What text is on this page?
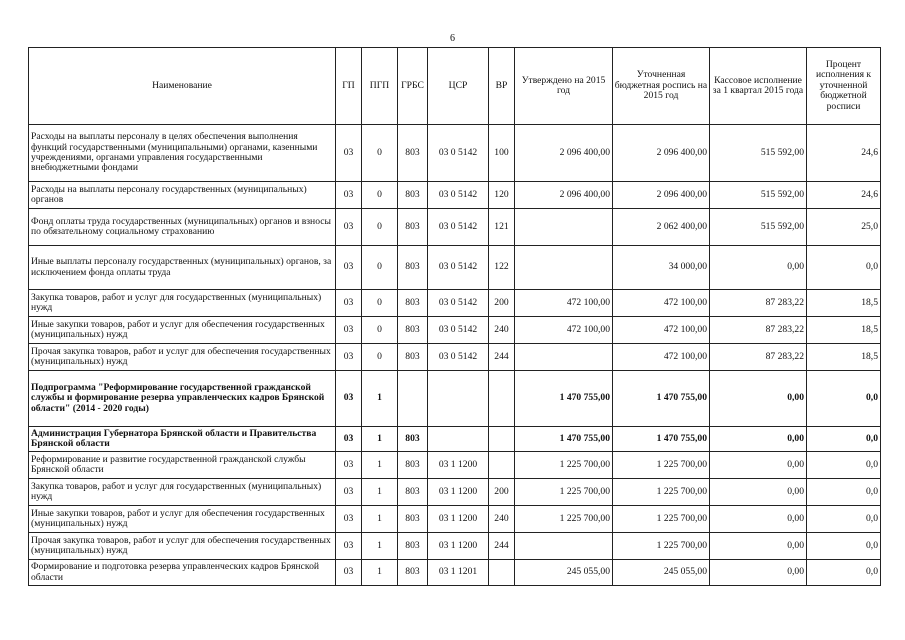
6
Наименование	ГП	ПГП	ГРБС	ЦСР	ВР	Утверждено на 2015 год	Уточненная бюджетная роспись на 2015 год	Кассовое исполнение за 1 квартал 2015 года	Процент исполнения к уточненной бюджетной росписи
Расходы на выплаты персоналу в целях обеспечения выполнения функций государственными (муниципальными) органами, казенными учреждениями, органами управления государственными внебюджетными фондами	03	0	803	03 0 5142	100	2 096 400,00	2 096 400,00	515 592,00	24,6
Расходы на выплаты персоналу государственных (муниципальных) органов	03	0	803	03 0 5142	120	2 096 400,00	2 096 400,00	515 592,00	24,6
Фонд оплаты труда государственных (муниципальных) органов и взносы по обязательному социальному страхованию	03	0	803	03 0 5142	121		2 062 400,00	515 592,00	25,0
Иные выплаты персоналу государственных (муниципальных) органов, за исключением фонда оплаты труда	03	0	803	03 0 5142	122		34 000,00	0,00	0,0
Закупка товаров, работ и услуг для государственных (муниципальных) нужд	03	0	803	03 0 5142	200	472 100,00	472 100,00	87 283,22	18,5
Иные закупки товаров, работ и услуг для обеспечения государственных (муниципальных) нужд	03	0	803	03 0 5142	240	472 100,00	472 100,00	87 283,22	18,5
Прочая закупка товаров, работ и услуг для обеспечения государственных (муниципальных) нужд	03	0	803	03 0 5142	244		472 100,00	87 283,22	18,5
Подпрограмма "Реформирование государственной гражданской службы и формирование резерва управленческих кадров Брянской области" (2014 - 2020 годы)	03	1				1 470 755,00	1 470 755,00	0,00	0,0
Администрация Губернатора Брянской области и Правительства Брянской области	03	1	803			1 470 755,00	1 470 755,00	0,00	0,0
Реформирование и развитие государственной гражданской службы Брянской области	03	1	803	03 1 1200		1 225 700,00	1 225 700,00	0,00	0,0
Закупка товаров, работ и услуг для государственных (муниципальных) нужд	03	1	803	03 1 1200	200	1 225 700,00	1 225 700,00	0,00	0,0
Иные закупки товаров, работ и услуг для обеспечения государственных (муниципальных) нужд	03	1	803	03 1 1200	240	1 225 700,00	1 225 700,00	0,00	0,0
Прочая закупка товаров, работ и услуг для обеспечения государственных (муниципальных) нужд	03	1	803	03 1 1200	244		1 225 700,00	0,00	0,0
Формирование и подготовка резерва управленческих кадров Брянской области	03	1	803	03 1 1201		245 055,00	245 055,00	0,00	0,0
